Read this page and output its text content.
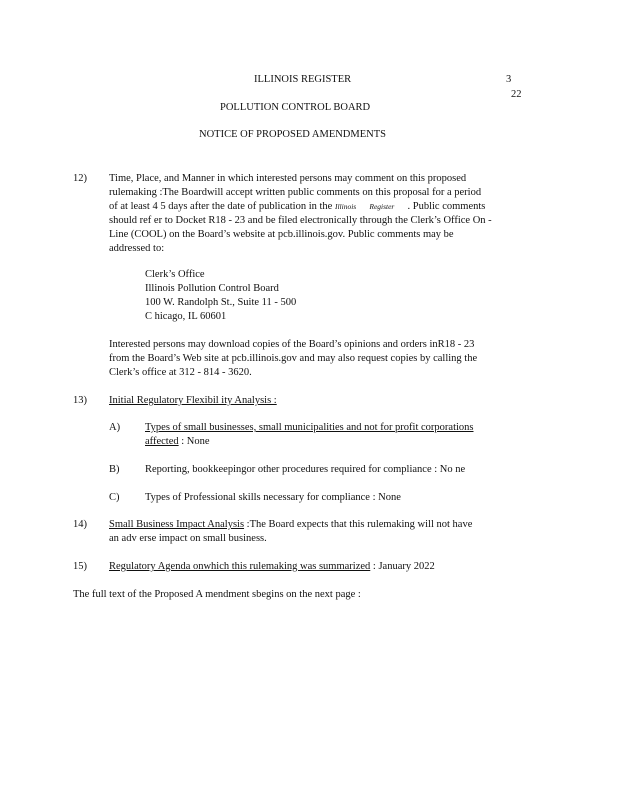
ILLINOIS REGISTER	3
22
POLLUTION CONTROL BOARD
NOTICE OF PROPOSED AMENDMENTS
12) Time, Place, and Manner in which interested persons may comment on this proposed
rulemaking :The Boardwill accept written public comments on this proposal for a period
of at least 4 5 days after the date of publication in the Illinois Register . Public comments
should ref er to Docket R18 - 23 and be filed electronically through the Clerk’s Office On -
Line (COOL) on the Board’s website at pcb.illinois.gov. Public comments may be
addressed to:
Clerk’s Office
Illinois Pollution Control Board
100 W. Randolph St., Suite 11 - 500
C hicago, IL 60601
Interested persons may download copies of the Board’s opinions and orders inR18 - 23
from the Board’s Web site at pcb.illinois.gov and may also request copies by calling the
Clerk’s office at 312 - 814 - 3620.
13) Initial Regulatory Flexibil ity Analysis :
A) Types of small businesses, small municipalities and not for profit corporations
affected : None
B) Reporting, bookkeepingor other procedures required for compliance : No ne
C) Types of Professional skills necessary for compliance : None
14) Small Business Impact Analysis :The Board expects that this rulemaking will not have
an adv erse impact on small business.
15) Regulatory Agenda onwhich this rulemaking was summarized : January 2022
The full text of the Proposed A mendment sbegins on the next page :
